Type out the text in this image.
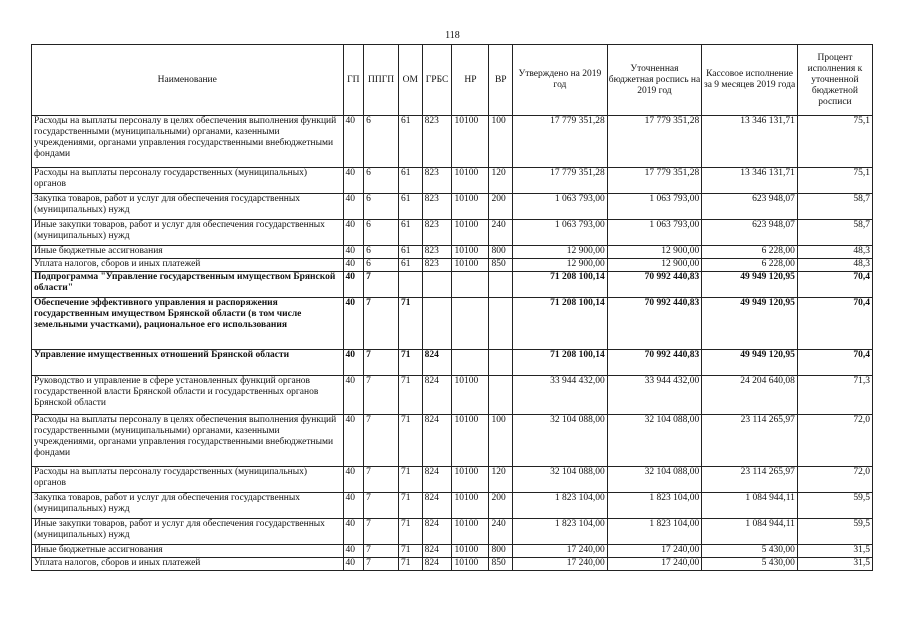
118
Наименование	ГП	ППГП	ОМ	ГРБС	НР	ВР	Утверждено на 2019 год	Уточненная бюджетная роспись на 2019 год	Кассовое исполнение за 9 месяцев 2019 года	Процент исполнения к уточненной бюджетной росписи
Расходы на выплаты персоналу в целях обеспечения выполнения функций государственными (муниципальными) органами, казенными учреждениями, органами управления государственными внебюджетными фондами	40	6	61	823	10100	100	17 779 351,28	17 779 351,28	13 346 131,71	75,1
Расходы на выплаты персоналу государственных (муниципальных) органов	40	6	61	823	10100	120	17 779 351,28	17 779 351,28	13 346 131,71	75,1
Закупка товаров, работ и услуг для обеспечения государственных (муниципальных) нужд	40	6	61	823	10100	200	1 063 793,00	1 063 793,00	623 948,07	58,7
Иные закупки товаров, работ и услуг для обеспечения государственных (муниципальных) нужд	40	6	61	823	10100	240	1 063 793,00	1 063 793,00	623 948,07	58,7
Иные бюджетные ассигнования	40	6	61	823	10100	800	12 900,00	12 900,00	6 228,00	48,3
Уплата налогов, сборов и иных платежей	40	6	61	823	10100	850	12 900,00	12 900,00	6 228,00	48,3
Подпрограмма "Управление государственным имуществом Брянской области"	40	7					71 208 100,14	70 992 440,83	49 949 120,95	70,4
Обеспечение эффективного управления и распоряжения государственным имуществом Брянской области (в том числе земельными участками), рациональное его использования	40	7	71				71 208 100,14	70 992 440,83	49 949 120,95	70,4
Управление имущественных отношений Брянской области	40	7	71	824			71 208 100,14	70 992 440,83	49 949 120,95	70,4
Руководство и управление в сфере установленных функций органов государственной власти Брянской области и государственных органов Брянской области	40	7	71	824	10100		33 944 432,00	33 944 432,00	24 204 640,08	71,3
Расходы на выплаты персоналу в целях обеспечения выполнения функций государственными (муниципальными) органами, казенными учреждениями, органами управления государственными внебюджетными фондами	40	7	71	824	10100	100	32 104 088,00	32 104 088,00	23 114 265,97	72,0
Расходы на выплаты персоналу государственных (муниципальных) органов	40	7	71	824	10100	120	32 104 088,00	32 104 088,00	23 114 265,97	72,0
Закупка товаров, работ и услуг для обеспечения государственных (муниципальных) нужд	40	7	71	824	10100	200	1 823 104,00	1 823 104,00	1 084 944,11	59,5
Иные закупки товаров, работ и услуг для обеспечения государственных (муниципальных) нужд	40	7	71	824	10100	240	1 823 104,00	1 823 104,00	1 084 944,11	59,5
Иные бюджетные ассигнования	40	7	71	824	10100	800	17 240,00	17 240,00	5 430,00	31,5
Уплата налогов, сборов и иных платежей	40	7	71	824	10100	850	17 240,00	17 240,00	5 430,00	31,5
